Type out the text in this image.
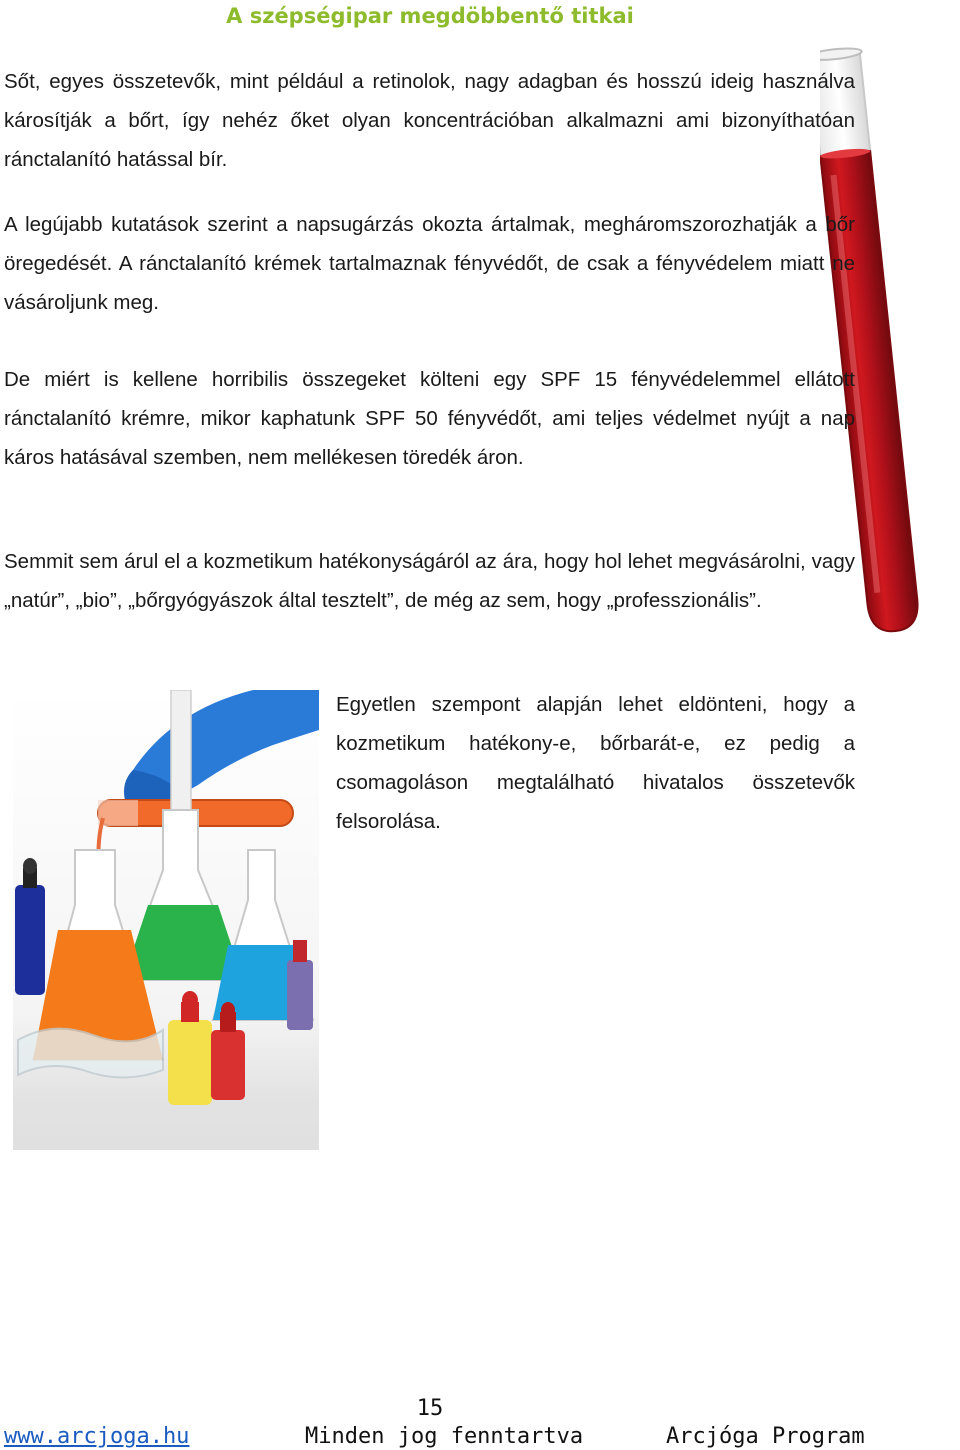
A szépségipar megdöbbentő titkai

Sőt, egyes összetevők, mint például a retinolok, nagy adagban és hosszú ideig használva károsítják a bőrt, így nehéz őket olyan koncentrációban alkalmazni ami bizonyíthatóan ránctalanító hatással bír.

A legújabb kutatások szerint a napsugárzás okozta ártalmak, megháromszorozhatják a bőr öregedését. A ránctalanító krémek tartalmaznak fényvédőt, de csak a fényvédelem miatt ne vásároljunk meg.

De miért is kellene horribilis összegeket költeni egy SPF 15 fényvédelemmel ellátott ránctalanító krémre, mikor kaphatunk SPF 50 fényvédőt, ami teljes védelmet nyújt a nap káros hatásával szemben, nem mellékesen töredék áron.

Semmit sem árul el a kozmetikum hatékonyságáról az ára, hogy hol lehet megvásárolni, vagy „natúr”, „bio”, „bőrgyógyászok által tesztelt”, de még az sem, hogy „professzionális”.

Egyetlen szempont alapján lehet eldönteni, hogy a kozmetikum hatékony-e, bőrbarát-e, ez pedig a csomagoláson megtalálható hivatalos összetevők felsorolása.

15
www.arcjoga.hu	Minden jog fenntartva	Arcjóga Program
